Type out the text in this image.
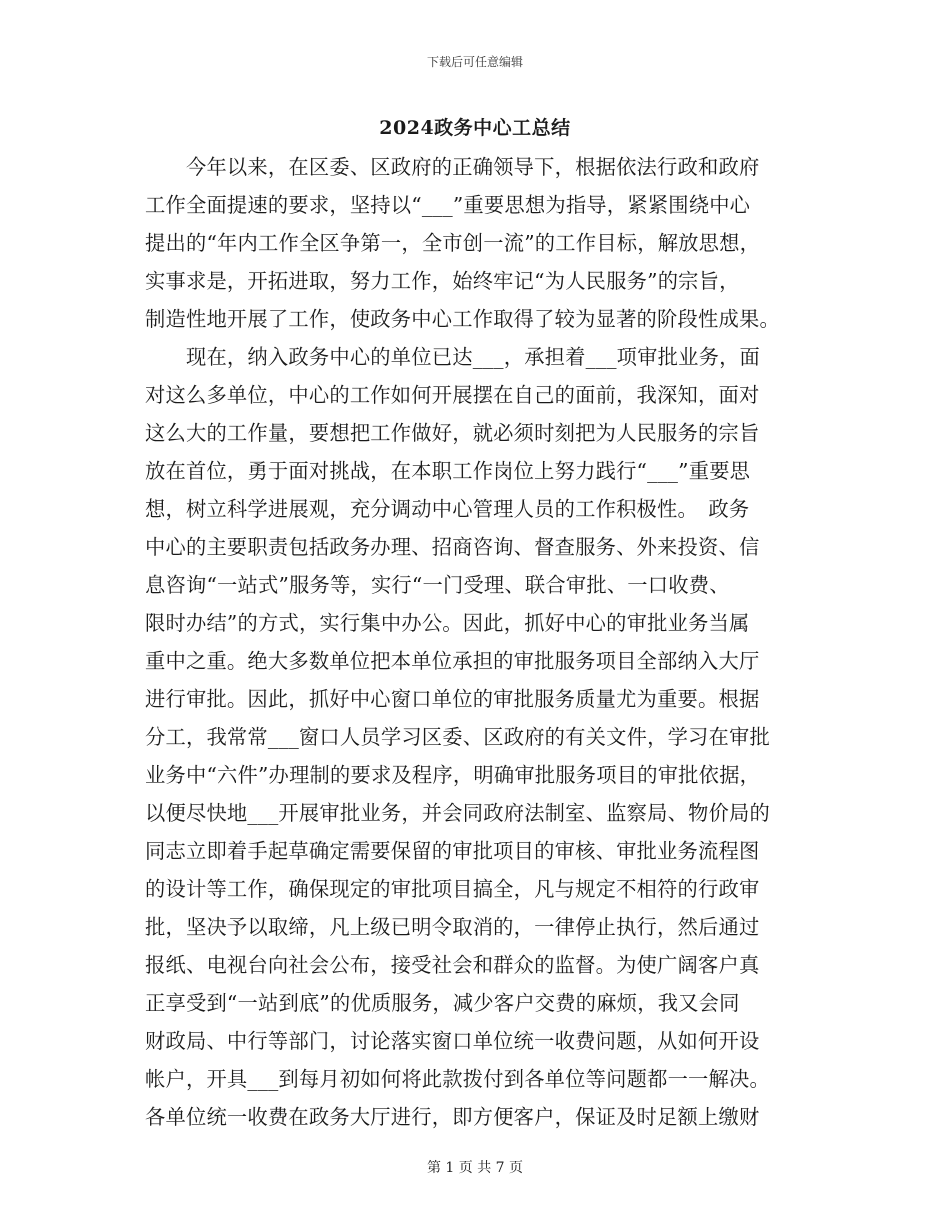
下载后可任意编辑
2024政务中心工总结
　　今年以来，在区委、区政府的正确领导下，根据依法行政和政府
工作全面提速的要求，坚持以“___”重要思想为指导，紧紧围绕中心
提出的“年内工作全区争第一，全市创一流”的工作目标，解放思想，
实事求是，开拓进取，努力工作，始终牢记“为人民服务”的宗旨，
制造性地开展了工作，使政务中心工作取得了较为显著的阶段性成果。
　　现在，纳入政务中心的单位已达___，承担着___项审批业务，面
对这么多单位，中心的工作如何开展摆在自己的面前，我深知，面对
这么大的工作量，要想把工作做好，就必须时刻把为人民服务的宗旨
放在首位，勇于面对挑战，在本职工作岗位上努力践行“___”重要思
想，树立科学进展观，充分调动中心管理人员的工作积极性。　政务
中心的主要职责包括政务办理、招商咨询、督查服务、外来投资、信
息咨询“一站式”服务等，实行“一门受理、联合审批、一口收费、
限时办结”的方式，实行集中办公。因此，抓好中心的审批业务当属
重中之重。绝大多数单位把本单位承担的审批服务项目全部纳入大厅
进行审批。因此，抓好中心窗口单位的审批服务质量尤为重要。根据
分工，我常常___窗口人员学习区委、区政府的有关文件，学习在审批
业务中“六件”办理制的要求及程序，明确审批服务项目的审批依据，
以便尽快地___开展审批业务，并会同政府法制室、监察局、物价局的
同志立即着手起草确定需要保留的审批项目的审核、审批业务流程图
的设计等工作，确保现定的审批项目搞全，凡与规定不相符的行政审
批，坚决予以取缔，凡上级已明令取消的，一律停止执行，然后通过
报纸、电视台向社会公布，接受社会和群众的监督。为使广阔客户真
正享受到“一站到底”的优质服务，减少客户交费的麻烦，我又会同
财政局、中行等部门，讨论落实窗口单位统一收费问题，从如何开设
帐户，开具___到每月初如何将此款拨付到各单位等问题都一一解决。
各单位统一收费在政务大厅进行，即方便客户，保证及时足额上缴财
第 1 页 共 7 页
